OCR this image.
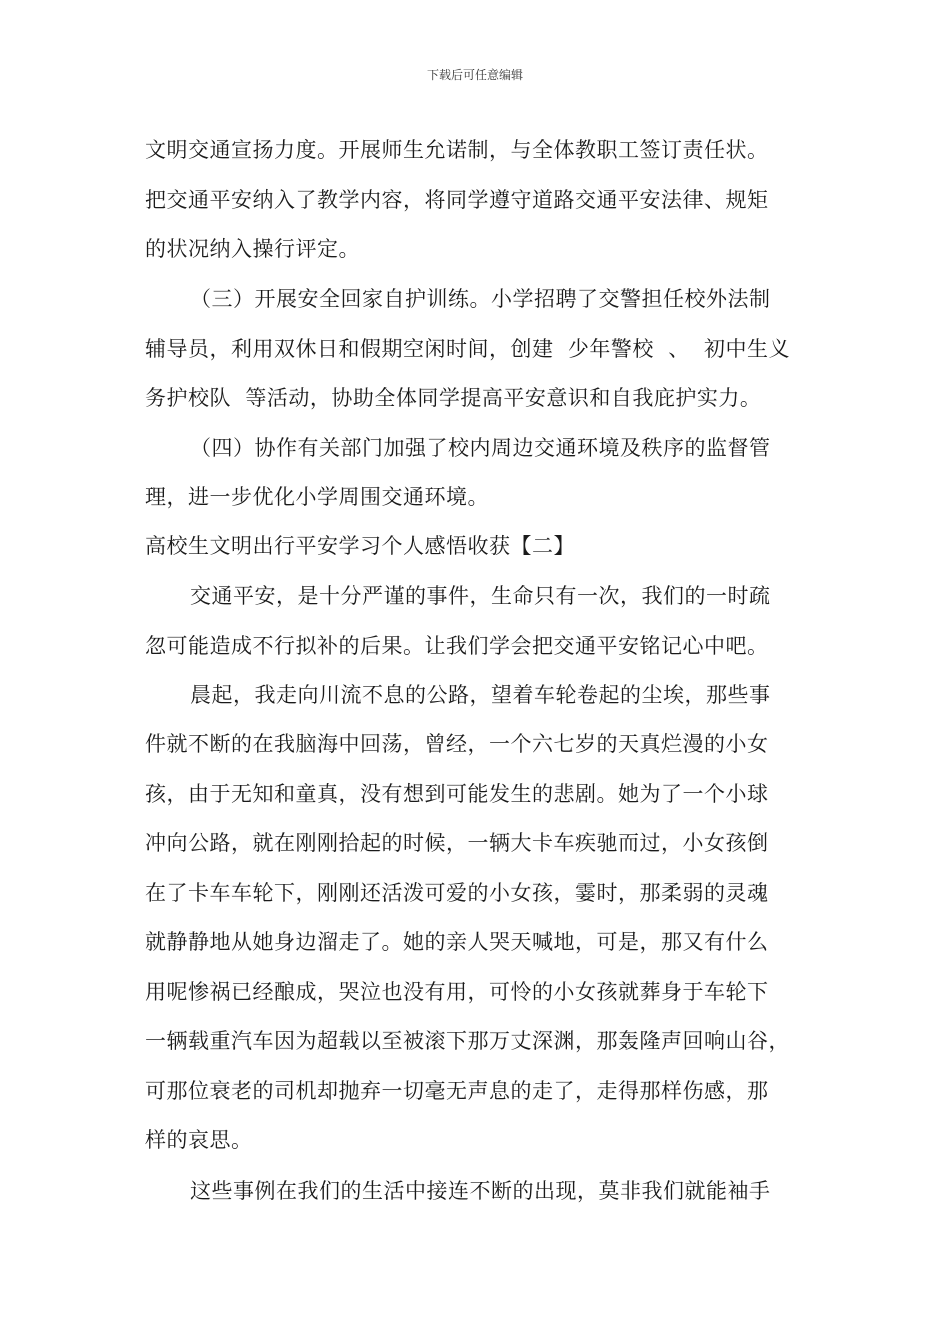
下载后可任意编辑
文明交通宣扬力度。开展师生允诺制，与全体教职工签订责任状。
把交通平安纳入了教学内容，将同学遵守道路交通平安法律、规矩
的状况纳入操行评定。
（三）开展安全回家自护训练。小学招聘了交警担任校外法制
辅导员，利用双休日和假期空闲时间，创建  少年警校  、  初中生义
务护校队  等活动，协助全体同学提高平安意识和自我庇护实力。
（四）协作有关部门加强了校内周边交通环境及秩序的监督管
理，进一步优化小学周围交通环境。
高校生文明出行平安学习个人感悟收获【二】
交通平安，是十分严谨的事件，生命只有一次，我们的一时疏
忽可能造成不行拟补的后果。让我们学会把交通平安铭记心中吧。
晨起，我走向川流不息的公路，望着车轮卷起的尘埃，那些事
件就不断的在我脑海中回荡，曾经，一个六七岁的天真烂漫的小女
孩，由于无知和童真，没有想到可能发生的悲剧。她为了一个小球
冲向公路，就在刚刚拾起的时候，一辆大卡车疾驰而过，小女孩倒
在了卡车车轮下，刚刚还活泼可爱的小女孩，霎时，那柔弱的灵魂
就静静地从她身边溜走了。她的亲人哭天喊地，可是，那又有什么
用呢惨祸已经酿成，哭泣也没有用，可怜的小女孩就葬身于车轮下
一辆载重汽车因为超载以至被滚下那万丈深渊，那轰隆声回响山谷，
可那位衰老的司机却抛弃一切毫无声息的走了，走得那样伤感，那
样的哀思。
这些事例在我们的生活中接连不断的出现，莫非我们就能袖手
